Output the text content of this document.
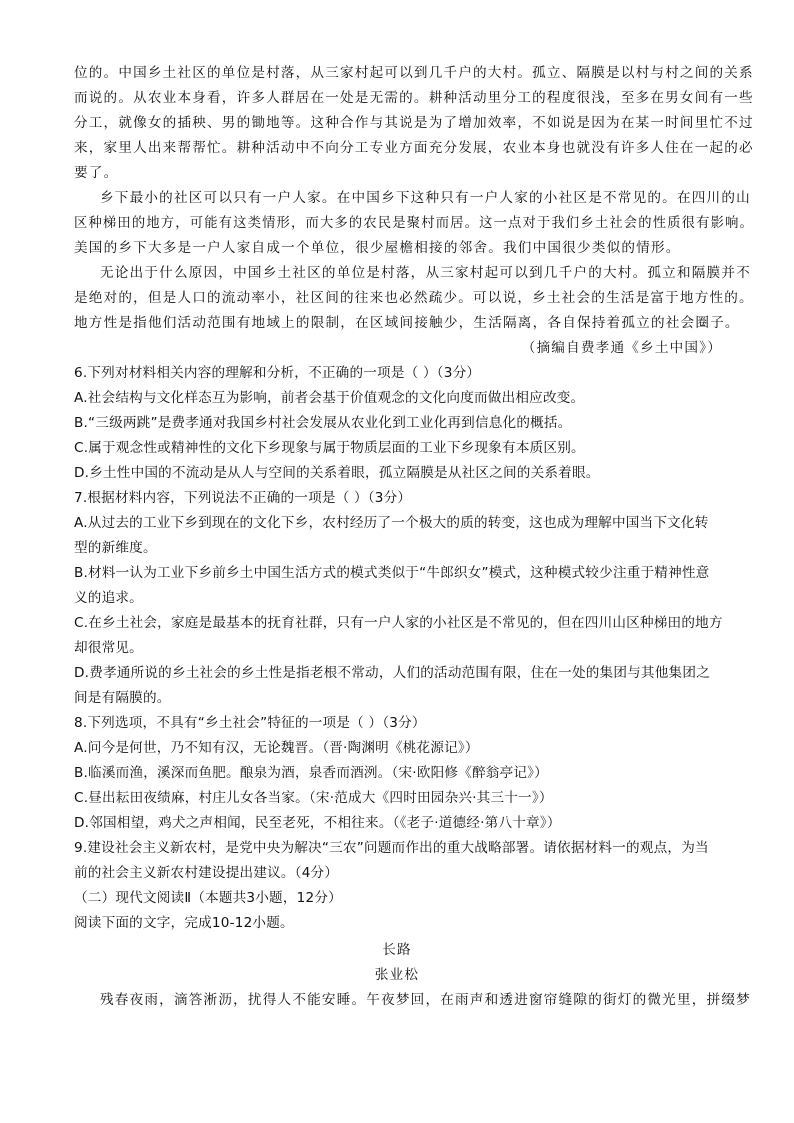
位的。中国乡土社区的单位是村落，从三家村起可以到几千户的大村。孤立、隔膜是以村与村之间的关系
而说的。从农业本身看，许多人群居在一处是无需的。耕种活动里分工的程度很浅，至多在男女间有一些
分工，就像女的插秧、男的锄地等。这种合作与其说是为了增加效率，不如说是因为在某一时间里忙不过
来，家里人出来帮帮忙。耕种活动中不向分工专业方面充分发展，农业本身也就没有许多人住在一起的必
要了。
乡下最小的社区可以只有一户人家。在中国乡下这种只有一户人家的小社区是不常见的。在四川的山
区种梯田的地方，可能有这类情形，而大多的农民是聚村而居。这一点对于我们乡土社会的性质很有影响。
美国的乡下大多是一户人家自成一个单位，很少屋檐相接的邻舍。我们中国很少类似的情形。
无论出于什么原因，中国乡土社区的单位是村落，从三家村起可以到几千户的大村。孤立和隔膜并不
是绝对的，但是人口的流动率小，社区间的往来也必然疏少。可以说，乡土社会的生活是富于地方性的。
地方性是指他们活动范围有地域上的限制，在区域间接触少，生活隔离，各自保持着孤立的社会圈子。
（摘编自费孝通《乡土中国》）
6.下列对材料相关内容的理解和分析，不正确的一项是（ ）（3分）
A.社会结构与文化样态互为影响，前者会基于价值观念的文化向度而做出相应改变。
B.“三级两跳”是费孝通对我国乡村社会发展从农业化到工业化再到信息化的概括。
C.属于观念性或精神性的文化下乡现象与属于物质层面的工业下乡现象有本质区别。
D.乡土性中国的不流动是从人与空间的关系着眼，孤立隔膜是从社区之间的关系着眼。
7.根据材料内容，下列说法不正确的一项是（ ）（3分）
A.从过去的工业下乡到现在的文化下乡，农村经历了一个极大的质的转变，这也成为理解中国当下文化转
型的新维度。
B.材料一认为工业下乡前乡土中国生活方式的模式类似于“牛郎织女”模式，这种模式较少注重于精神性意
义的追求。
C.在乡土社会，家庭是最基本的抚育社群，只有一户人家的小社区是不常见的，但在四川山区种梯田的地方
却很常见。
D.费孝通所说的乡土社会的乡土性是指老根不常动，人们的活动范围有限，住在一处的集团与其他集团之
间是有隔膜的。
8.下列选项，不具有“乡土社会”特征的一项是（ ）（3分）
A.问今是何世，乃不知有汉，无论魏晋。（晋·陶渊明《桃花源记》）
B.临溪而渔，溪深而鱼肥。酿泉为酒，泉香而酒洌。（宋·欧阳修《醉翁亭记》）
C.昼出耘田夜绩麻，村庄儿女各当家。（宋·范成大《四时田园杂兴·其三十一》）
D.邻国相望，鸡犬之声相闻，民至老死，不相往来。（《老子·道德经·第八十章》）
9.建设社会主义新农村，是党中央为解决“三农”问题而作出的重大战略部署。请依据材料一的观点，为当
前的社会主义新农村建设提出建议。（4分）
（二）现代文阅读Ⅱ（本题共3小题，12分）
阅读下面的文字，完成10-12小题。
长路
张业松
残春夜雨，滴答淅沥，扰得人不能安睡。午夜梦回，在雨声和透进窗帘缝隙的街灯的微光里，拼缀梦
